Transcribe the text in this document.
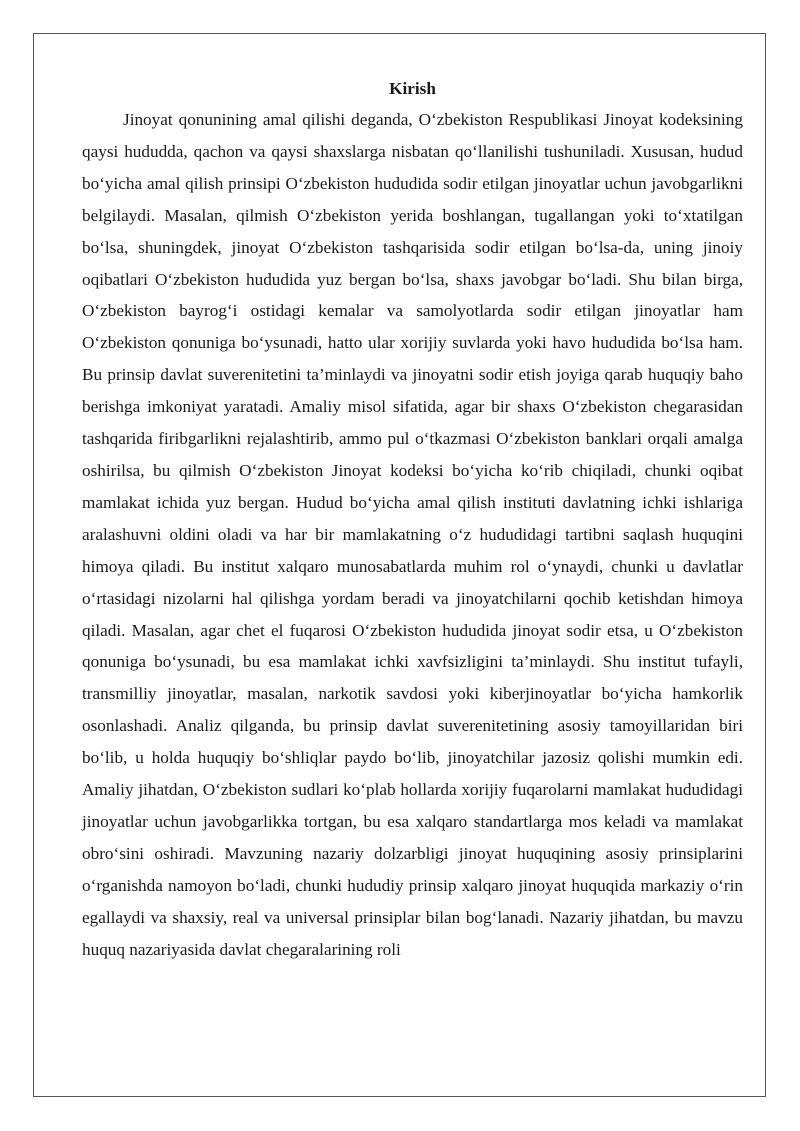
Kirish

Jinoyat qonunining amal qilishi deganda, O‘zbekiston Respublikasi Jinoyat kodeksining qaysi hududda, qachon va qaysi shaxslarga nisbatan qo‘llanilishi tushuniladi. Xususan, hudud bo‘yicha amal qilish prinsipi O‘zbekiston hududida sodir etilgan jinoyatlar uchun javobgarlikni belgilaydi. Masalan, qilmish O‘zbekiston yerida boshlangan, tugallangan yoki to‘xtatilgan bo‘lsa, shuningdek, jinoyat O‘zbekiston tashqarisida sodir etilgan bo‘lsa-da, uning jinoiy oqibatlari O‘zbekiston hududida yuz bergan bo‘lsa, shaxs javobgar bo‘ladi. Shu bilan birga, O‘zbekiston bayrog‘i ostidagi kemalar va samolyotlarda sodir etilgan jinoyatlar ham O‘zbekiston qonuniga bo‘ysunadi, hatto ular xorijiy suvlarda yoki havo hududida bo‘lsa ham. Bu prinsip davlat suverenitetini ta’minlaydi va jinoyatni sodir etish joyiga qarab huquqiy baho berishga imkoniyat yaratadi. Amaliy misol sifatida, agar bir shaxs O‘zbekiston chegarasidan tashqarida firibgarlikni rejalashtirib, ammo pul o‘tkazmasi O‘zbekiston banklari orqali amalga oshirilsa, bu qilmish O‘zbekiston Jinoyat kodeksi bo‘yicha ko‘rib chiqiladi, chunki oqibat mamlakat ichida yuz bergan. Hudud bo‘yicha amal qilish instituti davlatning ichki ishlariga aralashuvni oldini oladi va har bir mamlakatning o‘z hududidagi tartibni saqlash huquqini himoya qiladi. Bu institut xalqaro munosabatlarda muhim rol o‘ynaydi, chunki u davlatlar o‘rtasidagi nizolarni hal qilishga yordam beradi va jinoyatchilarni qochib ketishdan himoya qiladi. Masalan, agar chet el fuqarosi O‘zbekiston hududida jinoyat sodir etsa, u O‘zbekiston qonuniga bo‘ysunadi, bu esa mamlakat ichki xavfsizligini ta’minlaydi. Shu institut tufayli, transmilliy jinoyatlar, masalan, narkotik savdosi yoki kiberjinoyatlar bo‘yicha hamkorlik osonlashadi. Analiz qilganda, bu prinsip davlat suverenitetining asosiy tamoyillaridan biri bo‘lib, u holda huquqiy bo‘shliqlar paydo bo‘lib, jinoyatchilar jazosiz qolishi mumkin edi. Amaliy jihatdan, O‘zbekiston sudlari ko‘plab hollarda xorijiy fuqarolarni mamlakat hududidagi jinoyatlar uchun javobgarlikka tortgan, bu esa xalqaro standartlarga mos keladi va mamlakat obro‘sini oshiradi. Mavzuning nazariy dolzarbligi jinoyat huquqining asosiy prinsiplarini o‘rganishda namoyon bo‘ladi, chunki hududiy prinsip xalqaro jinoyat huquqida markaziy o‘rin egallaydi va shaxsiy, real va universal prinsiplar bilan bog‘lanadi. Nazariy jihatdan, bu mavzu huquq nazariyasida davlat chegaralarining roli
